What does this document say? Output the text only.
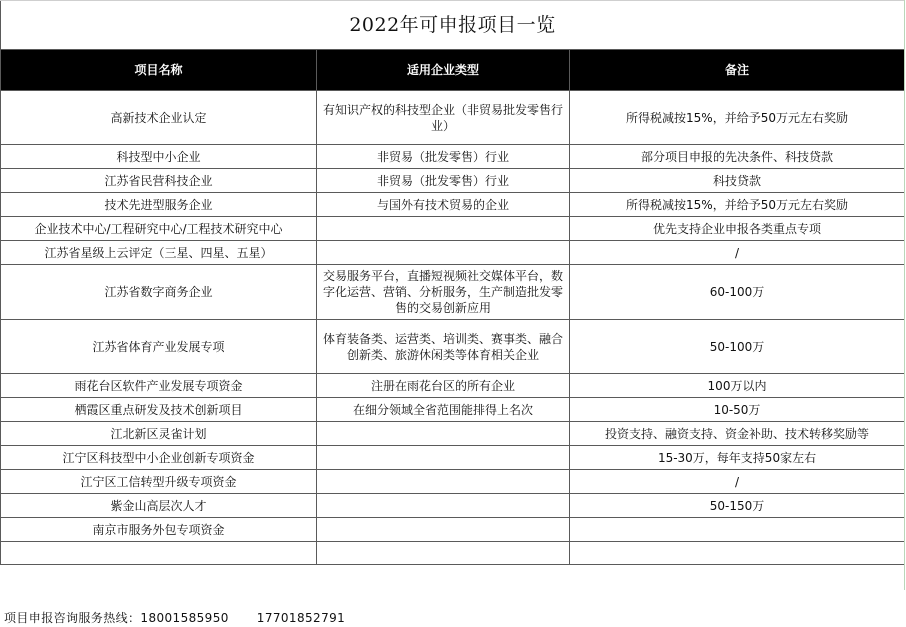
2022年可申报项目一览		
项目名称	适用企业类型	备注
高新技术企业认定	有知识产权的科技型企业（非贸易批发零售行业）	所得税减按15%，并给予50万元左右奖励
科技型中小企业	非贸易（批发零售）行业	部分项目申报的先决条件、科技贷款
江苏省民营科技企业	非贸易（批发零售）行业	科技贷款
技术先进型服务企业	与国外有技术贸易的企业	所得税减按15%，并给予50万元左右奖励
企业技术中心/工程研究中心/工程技术研究中心		优先支持企业申报各类重点专项
江苏省星级上云评定（三星、四星、五星）		/
江苏省数字商务企业	交易服务平台，直播短视频社交媒体平台，数字化运营、营销、分析服务，生产制造批发零售的交易创新应用	60-100万
江苏省体育产业发展专项	体育装备类、运营类、培训类、赛事类、融合创新类、旅游休闲类等体育相关企业	50-100万
雨花台区软件产业发展专项资金	注册在雨花台区的所有企业	100万以内
栖霞区重点研发及技术创新项目	在细分领域全省范围能排得上名次	10-50万
江北新区灵雀计划		投资支持、融资支持、资金补助、技术转移奖励等
江宁区科技型中小企业创新专项资金		15-30万，每年支持50家左右
江宁区工信转型升级专项资金		/
紫金山高层次人才		50-150万
南京市服务外包专项资金		

项目申报咨询服务热线：18001585950 17701852791
